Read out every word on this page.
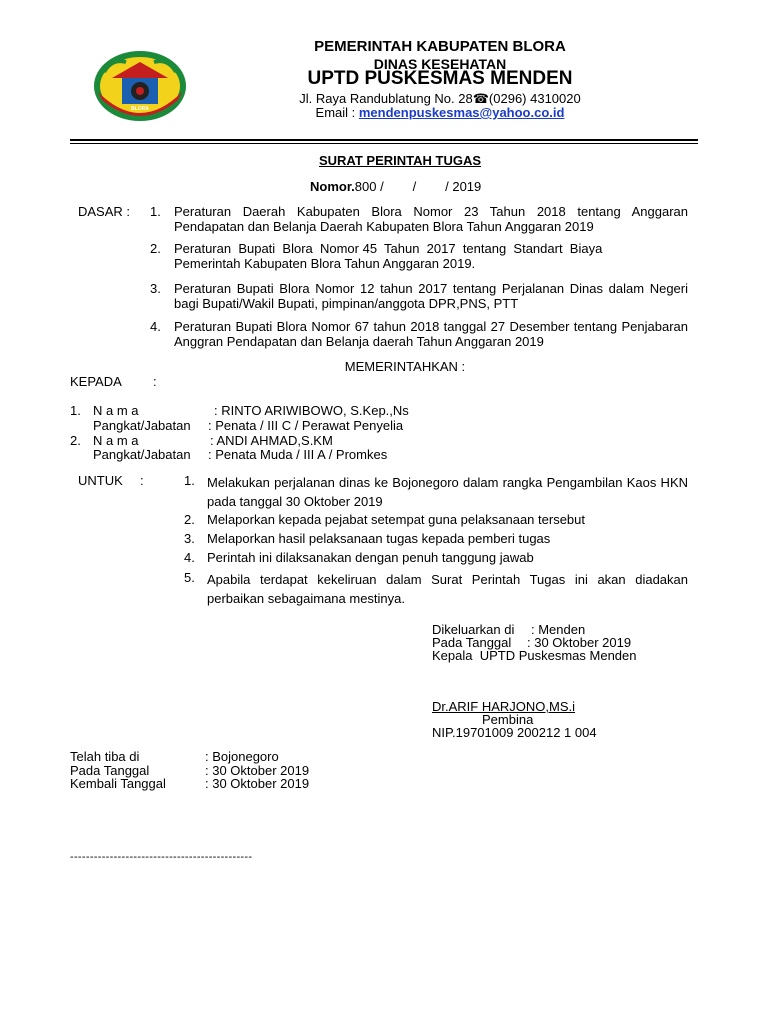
BLORA
PEMERINTAH KABUPATEN BLORA
DINAS KESEHATAN
UPTD PUSKESMAS MENDEN
Jl. Raya Randublatung No. 28☎(0296) 4310020
Email : mendenpuskesmas@yahoo.co.id
SURAT PERINTAH TUGAS
Nomor.800 /        /        / 2019
DASAR : 1. Peraturan Daerah Kabupaten Blora Nomor 23 Tahun 2018 tentang Anggaran Pendapatan dan Belanja Daerah Kabupaten Blora Tahun Anggaran 2019
2. Peraturan  Bupati  Blora  Nomor 45  Tahun  2017  tentang  Standart  Biaya
Pemerintah Kabupaten Blora Tahun Anggaran 2019.
3. Peraturan Bupati Blora Nomor 12 tahun 2017 tentang Perjalanan Dinas dalam Negeri bagi Bupati/Wakil Bupati, pimpinan/anggota DPR,PNS, PTT
4. Peraturan Bupati Blora Nomor 67 tahun 2018 tanggal 27 Desember tentang Penjabaran Anggran Pendapatan dan Belanja daerah Tahun Anggaran 2019
MEMERINTAHKAN :
KEPADA :
1. N a m a	: RINTO ARIWIBOWO, S.Kep.,Ns
Pangkat/Jabatan : Penata / III C / Perawat Penyelia
2. N a m a	: ANDI AHMAD,S.KM
Pangkat/Jabatan : Penata Muda / III A / Promkes
UNTUK :	1. Melakukan perjalanan dinas ke Bojonegoro dalam rangka Pengambilan Kaos HKN pada tanggal 30 Oktober 2019
2. Melaporkan kepada pejabat setempat guna pelaksanaan tersebut
3. Melaporkan hasil pelaksanaan tugas kepada pemberi tugas
4. Perintah ini dilaksanakan dengan penuh tanggung jawab
5. Apabila terdapat kekeliruan dalam Surat Perintah Tugas ini akan diadakan perbaikan sebagaimana mestinya.
Dikeluarkan di : Menden
Pada Tanggal : 30 Oktober 2019
Kepala  UPTD Puskesmas Menden
Dr.ARIF HARJONO,MS.i
Pembina
NIP.19701009 200212 1 004
Telah tiba di	: Bojonegoro
Pada Tanggal	: 30 Oktober 2019
Kembali Tanggal	: 30 Oktober 2019
----------------------------------------------
